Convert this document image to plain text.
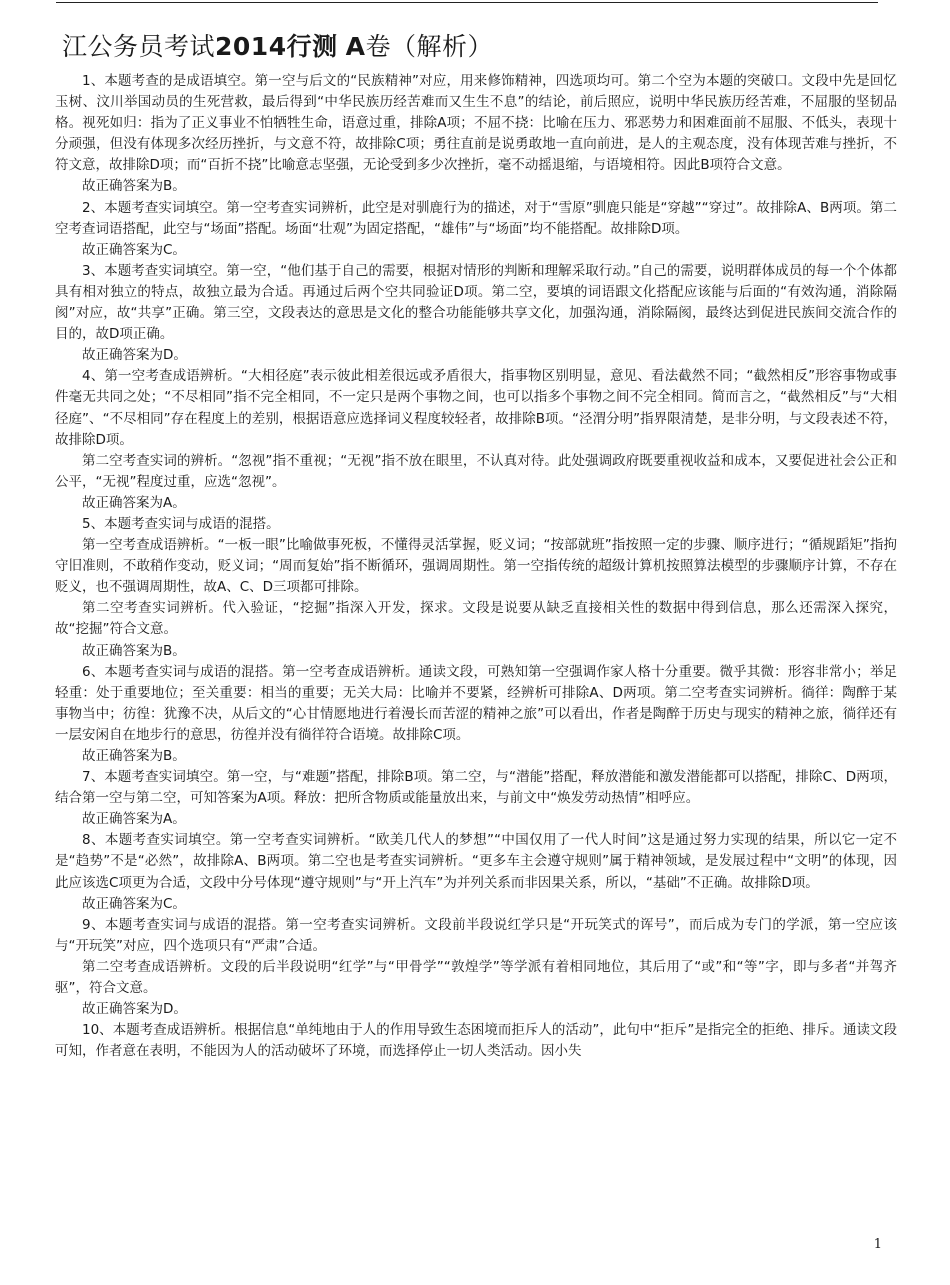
江公务员考试2014行测 A卷（解析）

1、本题考查的是成语填空。第一空与后文的“民族精神”对应，用来修饰精神，四选项均可。第二个空为本题的突破口。文段中先是回忆玉树、汶川举国动员的生死营救，最后得到“中华民族历经苦难而又生生不息”的结论，前后照应，说明中华民族历经苦难，不屈服的坚韧品格。视死如归：指为了正义事业不怕牺牲生命，语意过重，排除A项；不屈不挠：比喻在压力、邪恶势力和困难面前不屈服、不低头，表现十分顽强，但没有体现多次经历挫折，与文意不符，故排除C项；勇往直前是说勇敢地一直向前进，是人的主观态度，没有体现苦难与挫折，不符文意，故排除D项；而“百折不挠”比喻意志坚强，无论受到多少次挫折，毫不动摇退缩，与语境相符。因此B项符合文意。

故正确答案为B。

2、本题考查实词填空。第一空考查实词辨析，此空是对驯鹿行为的描述，对于“雪原”驯鹿只能是“穿越”“穿过”。故排除A、B两项。第二空考查词语搭配，此空与“场面”搭配。场面“壮观”为固定搭配，“雄伟”与“场面”均不能搭配。故排除D项。

故正确答案为C。

3、本题考查实词填空。第一空，“他们基于自己的需要，根据对情形的判断和理解采取行动。”自己的需要，说明群体成员的每一个个体都具有相对独立的特点，故独立最为合适。再通过后两个空共同验证D项。第二空，要填的词语跟文化搭配应该能与后面的“有效沟通，消除隔阂”对应，故“共享”正确。第三空，文段表达的意思是文化的整合功能能够共享文化，加强沟通，消除隔阂，最终达到促进民族间交流合作的目的，故D项正确。

故正确答案为D。

4、第一空考查成语辨析。“大相径庭”表示彼此相差很远或矛盾很大，指事物区别明显，意见、看法截然不同；“截然相反”形容事物或事件毫无共同之处；“不尽相同”指不完全相同，不一定只是两个事物之间，也可以指多个事物之间不完全相同。简而言之，“截然相反”与“大相径庭”、“不尽相同”存在程度上的差别，根据语意应选择词义程度较轻者，故排除B项。“泾渭分明”指界限清楚，是非分明，与文段表述不符，故排除D项。

第二空考查实词的辨析。“忽视”指不重视；“无视”指不放在眼里，不认真对待。此处强调政府既要重视收益和成本，又要促进社会公正和公平，“无视”程度过重，应选“忽视”。

故正确答案为A。

5、本题考查实词与成语的混搭。

第一空考查成语辨析。“一板一眼”比喻做事死板，不懂得灵活掌握，贬义词；“按部就班”指按照一定的步骤、顺序进行；“循规蹈矩”指拘守旧准则，不敢稍作变动，贬义词；“周而复始”指不断循环，强调周期性。第一空指传统的超级计算机按照算法模型的步骤顺序计算，不存在贬义，也不强调周期性，故A、C、D三项都可排除。

第二空考查实词辨析。代入验证，“挖掘”指深入开发，探求。文段是说要从缺乏直接相关性的数据中得到信息，那么还需深入探究，故“挖掘”符合文意。

故正确答案为B。

6、本题考查实词与成语的混搭。第一空考查成语辨析。通读文段，可熟知第一空强调作家人格十分重要。微乎其微：形容非常小；举足轻重：处于重要地位；至关重要：相当的重要；无关大局：比喻并不要紧，经辨析可排除A、D两项。第二空考查实词辨析。徜徉：陶醉于某事物当中；彷徨：犹豫不决，从后文的“心甘情愿地进行着漫长而苦涩的精神之旅”可以看出，作者是陶醉于历史与现实的精神之旅，徜徉还有一层安闲自在地步行的意思，彷徨并没有徜徉符合语境。故排除C项。

故正确答案为B。

7、本题考查实词填空。第一空，与“难题”搭配，排除B项。第二空，与“潜能”搭配，释放潜能和激发潜能都可以搭配，排除C、D两项，结合第一空与第二空，可知答案为A项。释放：把所含物质或能量放出来，与前文中“焕发劳动热情”相呼应。

故正确答案为A。

8、本题考查实词填空。第一空考查实词辨析。“欧美几代人的梦想”“中国仅用了一代人时间”这是通过努力实现的结果，所以它一定不是“趋势”不是“必然”，故排除A、B两项。第二空也是考查实词辨析。“更多车主会遵守规则”属于精神领域，是发展过程中“文明”的体现，因此应该选C项更为合适，文段中分号体现“遵守规则”与“开上汽车”为并列关系而非因果关系，所以，“基础”不正确。故排除D项。

故正确答案为C。

9、本题考查实词与成语的混搭。第一空考查实词辨析。文段前半段说红学只是“开玩笑式的诨号”，而后成为专门的学派，第一空应该与“开玩笑”对应，四个选项只有“严肃”合适。

第二空考查成语辨析。文段的后半段说明“红学”与“甲骨学”“敦煌学”等学派有着相同地位，其后用了“或”和“等”字，即与多者“并驾齐驱”，符合文意。

故正确答案为D。

10、本题考查成语辨析。根据信息“单纯地由于人的作用导致生态困境而拒斥人的活动”，此句中“拒斥”是指完全的拒绝、排斥。通读文段可知，作者意在表明，不能因为人的活动破坏了环境，而选择停止一切人类活动。因小失

1
